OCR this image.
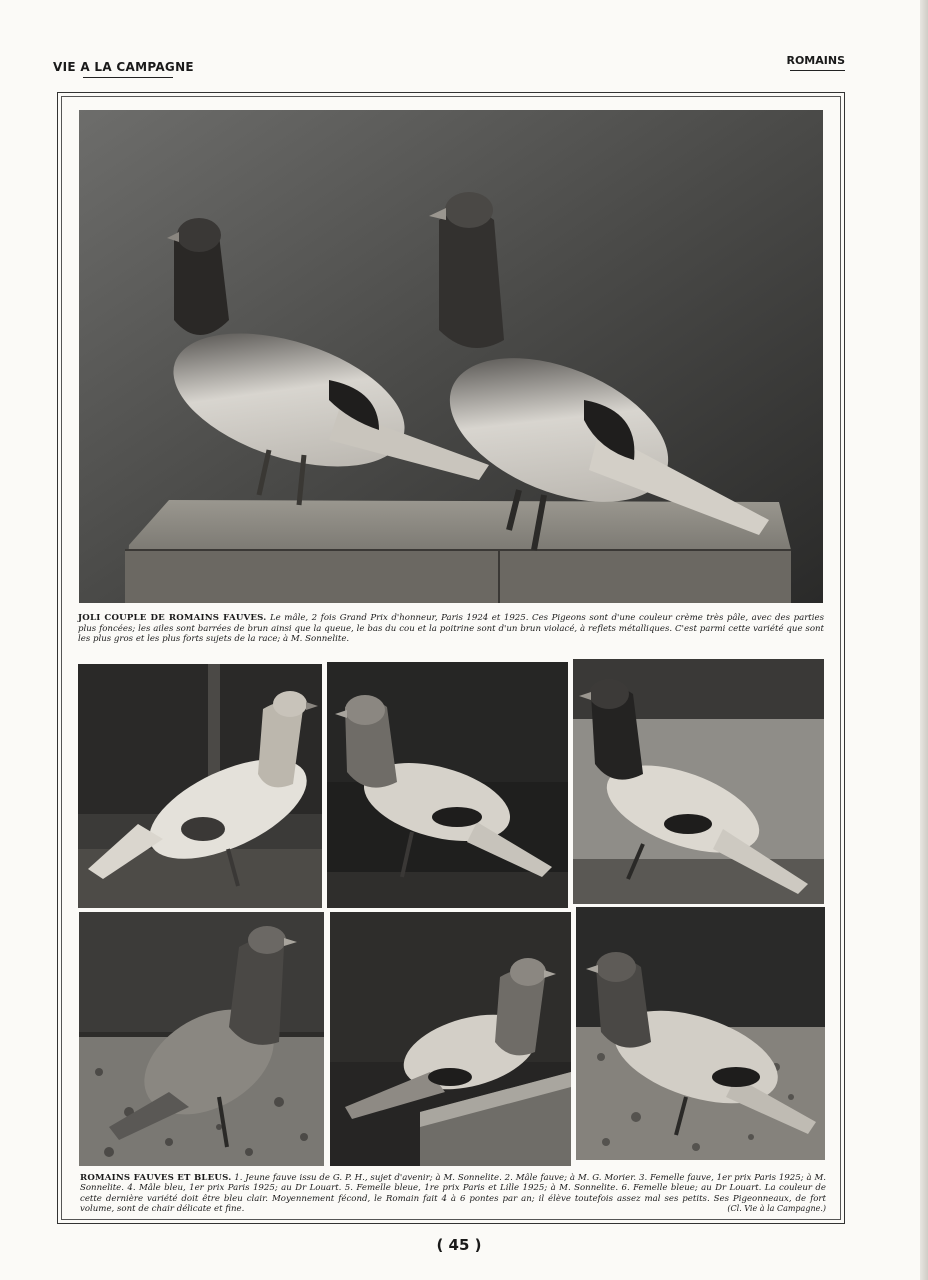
VIE A LA CAMPAGNE	ROMAINS
JOLI COUPLE DE ROMAINS FAUVES. Le mâle, 2 fois Grand Prix d'honneur, Paris 1924 et 1925. Ces Pigeons sont d'une couleur crème très pâle, avec des parties plus foncées; les ailes sont barrées de brun ainsi que la queue, le bas du cou et la poitrine sont d'un brun violacé, à reflets métalliques. C'est parmi cette variété que sont les plus gros et les plus forts sujets de la race; à M. Sonnelite.
ROMAINS FAUVES ET BLEUS. 1. Jeune fauve issu de G. P. H., sujet d'avenir; à M. Sonnelite. 2. Mâle fauve; à M. G. Morier. 3. Femelle fauve, 1er prix Paris 1925; à M. Sonnelite. 4. Mâle bleu, 1er prix Paris 1925; au Dr Louart. 5. Femelle bleue, 1re prix Paris et Lille 1925; à M. Sonnelite. 6. Femelle bleue; au Dr Louart. La couleur de cette dernière variété doit être bleu clair. Moyennement fécond, le Romain fait 4 à 6 pontes par an; il élève toutefois assez mal ses petits. Ses Pigeonneaux, de fort volume, sont de chair délicate et fine.	(Cl. Vie à la Campagne.)
( 45 )
